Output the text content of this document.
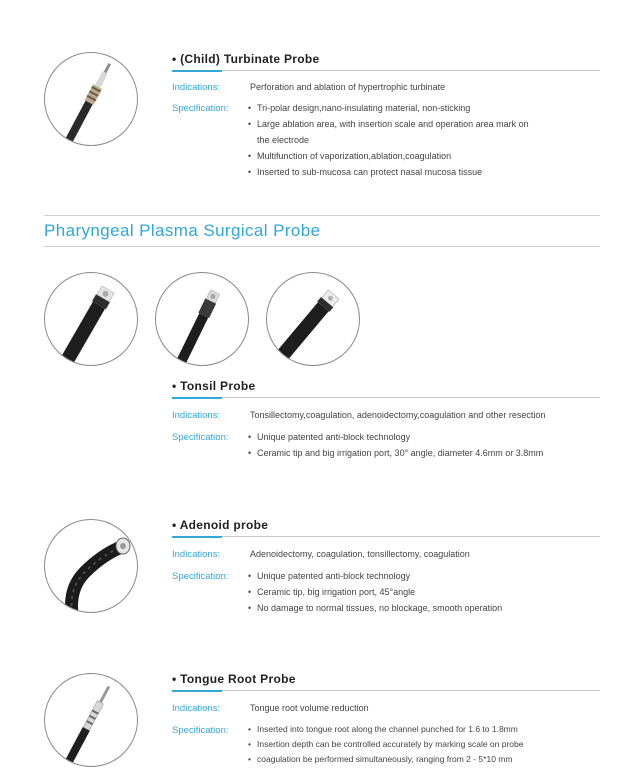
• (Child) Turbinate Probe
Indications:	Perforation and ablation of hypertrophic turbinate
Specification:	• Tri-polar design,nano-insulating material, non-sticking
• Large ablation area, with insertion scale and operation area mark on
the electrode
• Multifunction of vaporization,ablation,coagulation
• Inserted to sub-mucosa can protect nasal mucosa tissue
Pharyngeal Plasma Surgical Probe
• Tonsil Probe
Indications:	Tonsillectomy,coagulation, adenoidectomy,coagulation and other resection
Specification:	• Unique patented anti-block technology
• Ceramic tip and big irrigation port, 30° angle, diameter 4.6mm or 3.8mm
• Adenoid probe
Indications:	Adenoidectomy, coagulation, tonsillectomy, coagulation
Specification:	• Unique patented anti-block technology
• Ceramic tip, big irrigation port, 45°angle
• No damage to normal tissues, no blockage, smooth operation
• Tongue Root Probe
Indications:	Tongue root volume reduction
Specification:	• Inserted into tongue root along the channel punched for 1.6 to 1.8mm
• Insertion depth can be controlled accurately by marking scale on probe
• coagulation be performed simultaneously, ranging from 2 - 5*10 mm
